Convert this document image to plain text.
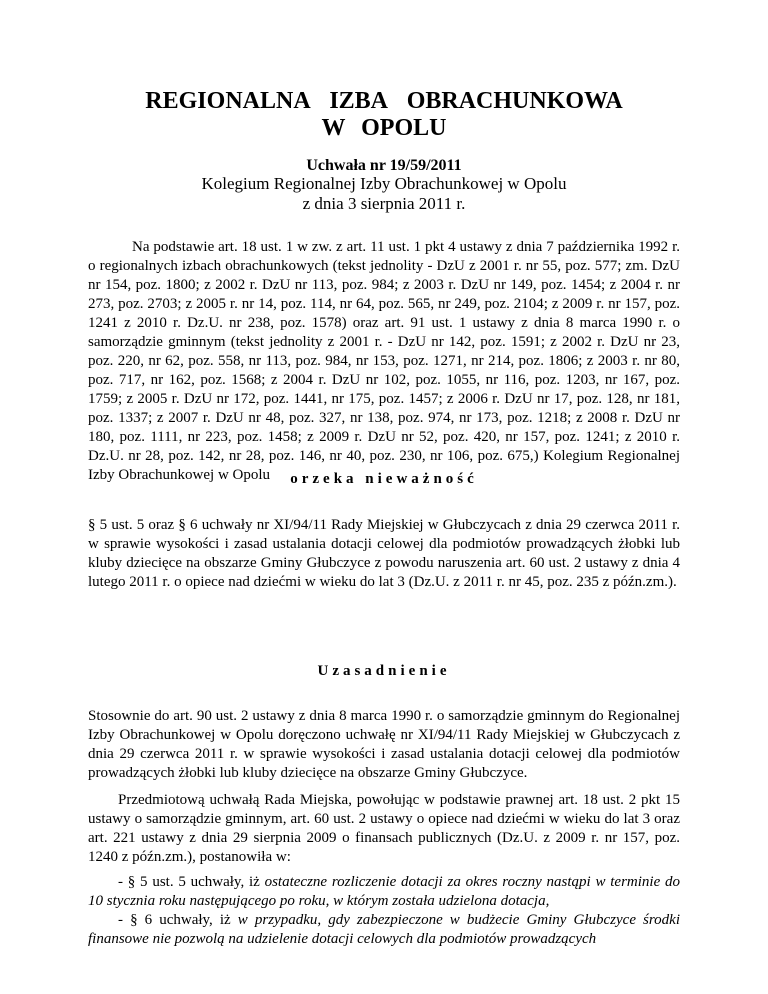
REGIONALNA IZBA OBRACHUNKOWA
W OPOLU
Uchwała nr 19/59/2011
Kolegium Regionalnej Izby Obrachunkowej w Opolu
z dnia 3 sierpnia 2011 r.
Na podstawie art. 18 ust. 1 w zw. z art. 11 ust. 1 pkt 4 ustawy z dnia 7 października 1992 r. o regionalnych izbach obrachunkowych (tekst jednolity - DzU z 2001 r. nr 55, poz. 577; zm. DzU nr 154, poz. 1800; z 2002 r. DzU nr 113, poz. 984; z 2003 r. DzU nr 149, poz. 1454; z 2004 r. nr 273, poz. 2703; z 2005 r. nr 14, poz. 114, nr 64, poz. 565, nr 249, poz. 2104; z 2009 r. nr 157, poz. 1241 z 2010 r. Dz.U. nr 238, poz. 1578) oraz art. 91 ust. 1 ustawy z dnia 8 marca 1990 r. o samorządzie gminnym (tekst jednolity z 2001 r. - DzU nr 142, poz. 1591; z 2002 r. DzU nr 23, poz. 220, nr 62, poz. 558, nr 113, poz. 984, nr 153, poz. 1271, nr 214, poz. 1806; z 2003 r. nr 80, poz. 717, nr 162, poz. 1568; z 2004 r. DzU nr 102, poz. 1055, nr 116, poz. 1203, nr 167, poz. 1759; z 2005 r. DzU nr 172, poz. 1441, nr 175, poz. 1457; z 2006 r. DzU nr 17, poz. 128, nr 181, poz. 1337; z 2007 r. DzU nr 48, poz. 327, nr 138, poz. 974, nr 173, poz. 1218; z 2008 r. DzU nr 180, poz. 1111, nr 223, poz. 1458; z 2009 r. DzU nr 52, poz. 420, nr 157, poz. 1241; z 2010 r. Dz.U. nr 28, poz. 142, nr 28, poz. 146, nr 40, poz. 230, nr 106, poz. 675,) Kolegium Regionalnej Izby Obrachunkowej w Opolu	orzeka nieważność
§ 5 ust. 5 oraz § 6 uchwały nr XI/94/11 Rady Miejskiej w Głubczycach z dnia 29 czerwca 2011 r. w sprawie wysokości i zasad ustalania dotacji celowej dla podmiotów prowadzących żłobki lub kluby dziecięce na obszarze Gminy Głubczyce z powodu naruszenia art. 60 ust. 2 ustawy z dnia 4 lutego 2011 r. o opiece nad dziećmi w wieku do lat 3 (Dz.U. z 2011 r. nr 45, poz. 235 z późn.zm.).
Uzasadnienie
Stosownie do art. 90 ust. 2 ustawy z dnia 8 marca 1990 r. o samorządzie gminnym do Regionalnej Izby Obrachunkowej w Opolu doręczono uchwałę nr XI/94/11 Rady Miejskiej w Głubczycach z dnia 29 czerwca 2011 r. w sprawie wysokości i zasad ustalania dotacji celowej dla podmiotów prowadzących żłobki lub kluby dziecięce na obszarze Gminy Głubczyce.
Przedmiotową uchwałą Rada Miejska, powołując w podstawie prawnej art. 18 ust. 2 pkt 15 ustawy o samorządzie gminnym, art. 60 ust. 2 ustawy o opiece nad dziećmi w wieku do lat 3 oraz art. 221 ustawy z dnia 29 sierpnia 2009 o finansach publicznych (Dz.U. z 2009 r. nr 157, poz. 1240 z późn.zm.), postanowiła w:
- § 5 ust. 5 uchwały, iż ostateczne rozliczenie dotacji za okres roczny nastąpi w terminie do 10 stycznia roku następującego po roku, w którym została udzielona dotacja,
- § 6 uchwały, iż w przypadku, gdy zabezpieczone w budżecie Gminy Głubczyce środki finansowe nie pozwolą na udzielenie dotacji celowych dla podmiotów prowadzących
